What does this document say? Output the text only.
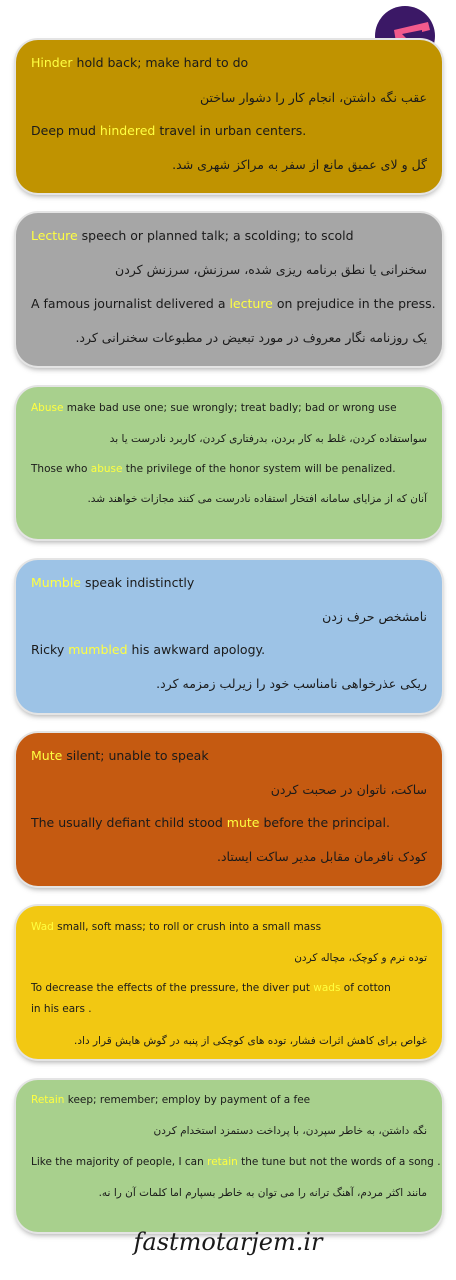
Hinder hold back; make hard to do
عقب نگه داشتن، انجام کار را دشوار ساختن
Deep mud hindered travel in urban centers.
گل و لای عمیق مانع از سفر به مراکز شهری شد.
Lecture speech or planned talk; a scolding; to scold
سخنرانی یا نطق برنامه ریزی شده، سرزنش، سرزنش کردن
A famous journalist delivered a lecture on prejudice in the press.
یک روزنامه نگار معروف در مورد تبعیض در مطبوعات سخنرانی کرد.
Abuse make bad use one; sue wrongly; treat badly; bad or wrong use
سواستفاده کردن، غلط به کار بردن، بدرفتاری کردن، کاربرد نادرست یا بد
Those who abuse the privilege of the honor system will be penalized.
آنان که از مزایای سامانه افتخار استفاده نادرست می کنند مجازات خواهند شد.
Mumble speak indistinctly
نامشخص حرف زدن
Ricky mumbled his awkward apology.
ریکی عذرخواهی نامناسب خود را زیرلب زمزمه کرد.
Mute silent; unable to speak
ساکت، ناتوان در صحبت کردن
The usually defiant child stood mute before the principal.
کودک نافرمان مقابل مدیر ساکت ایستاد.
Wad small, soft mass; to roll or crush into a small mass
توده نرم و کوچک، مچاله کردن
To decrease the effects of the pressure, the diver put wads of cotton in his ears .
غواص برای کاهش اثرات فشار، توده های کوچکی از پنبه در گوش هایش قرار داد.
Retain keep; remember; employ by payment of a fee
نگه داشتن، به خاطر سپردن، با پرداخت دستمزد استخدام کردن
Like the majority of people, I can retain the tune but not the words of a song .
مانند اکثر مردم، آهنگ ترانه را می توان به خاطر بسپارم اما کلمات آن را نه.
fastmotarjem.ir
